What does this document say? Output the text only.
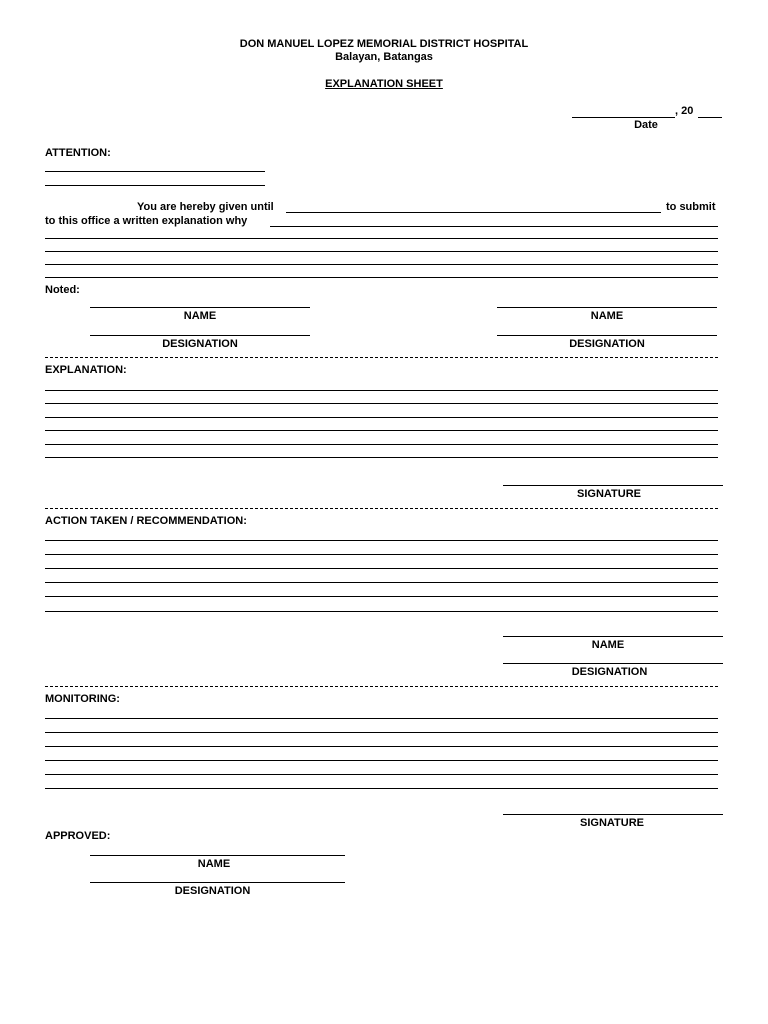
DON MANUEL LOPEZ MEMORIAL DISTRICT HOSPITAL
Balayan, Batangas
EXPLANATION SHEET
, 20
Date
ATTENTION:
You are hereby given until	to submit
to this office a written explanation why
Noted:
NAME
DESIGNATION
NAME
DESIGNATION
EXPLANATION:
SIGNATURE
ACTION TAKEN / RECOMMENDATION:
NAME
DESIGNATION
MONITORING:
SIGNATURE
APPROVED:
NAME
DESIGNATION
